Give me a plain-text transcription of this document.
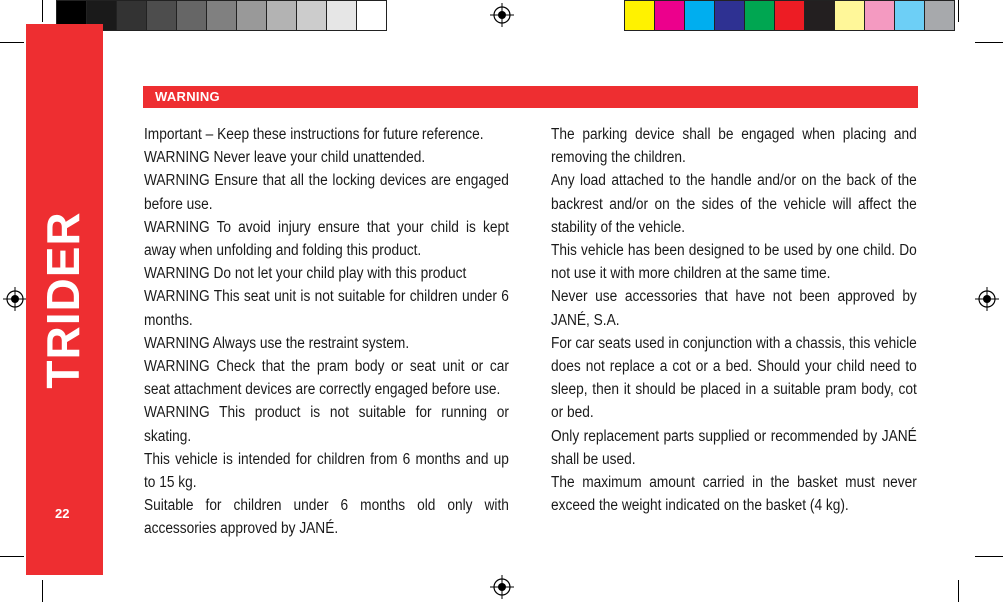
TRIDER
22
WARNING

Important – Keep these instructions for future reference.

WARNING Never leave your child unattended.

WARNING Ensure that all the locking devices are engaged before use.

WARNING To avoid injury ensure that your child is kept away when unfolding and folding this product.

WARNING Do not let your child play with this product

WARNING This seat unit is not suitable for children under 6 months.

WARNING Always use the restraint system.

WARNING Check that the pram body or seat unit or car seat attachment devices are correctly engaged before use.

WARNING This product is not suitable for running or skating.

This vehicle is intended for children from 6 months and up to 15 kg.

Suitable for children under 6 months old only with accessories approved by JANÉ.

The parking device shall be engaged when placing and removing the children.

Any load attached to the handle and/or on the back of the backrest and/or on the sides of the vehicle will affect the stability of the vehicle.

This vehicle has been designed to be used by one child. Do not use it with more children at the same time.

Never use accessories that have not been approved by JANÉ, S.A.

For car seats used in conjunction with a chassis, this vehicle does not replace a cot or a bed. Should your child need to sleep, then it should be placed in a suitable pram body, cot or bed.

Only replacement parts supplied or recommended by JANÉ shall be used.

The maximum amount carried in the basket must never exceed the weight indicated on the basket (4 kg).
